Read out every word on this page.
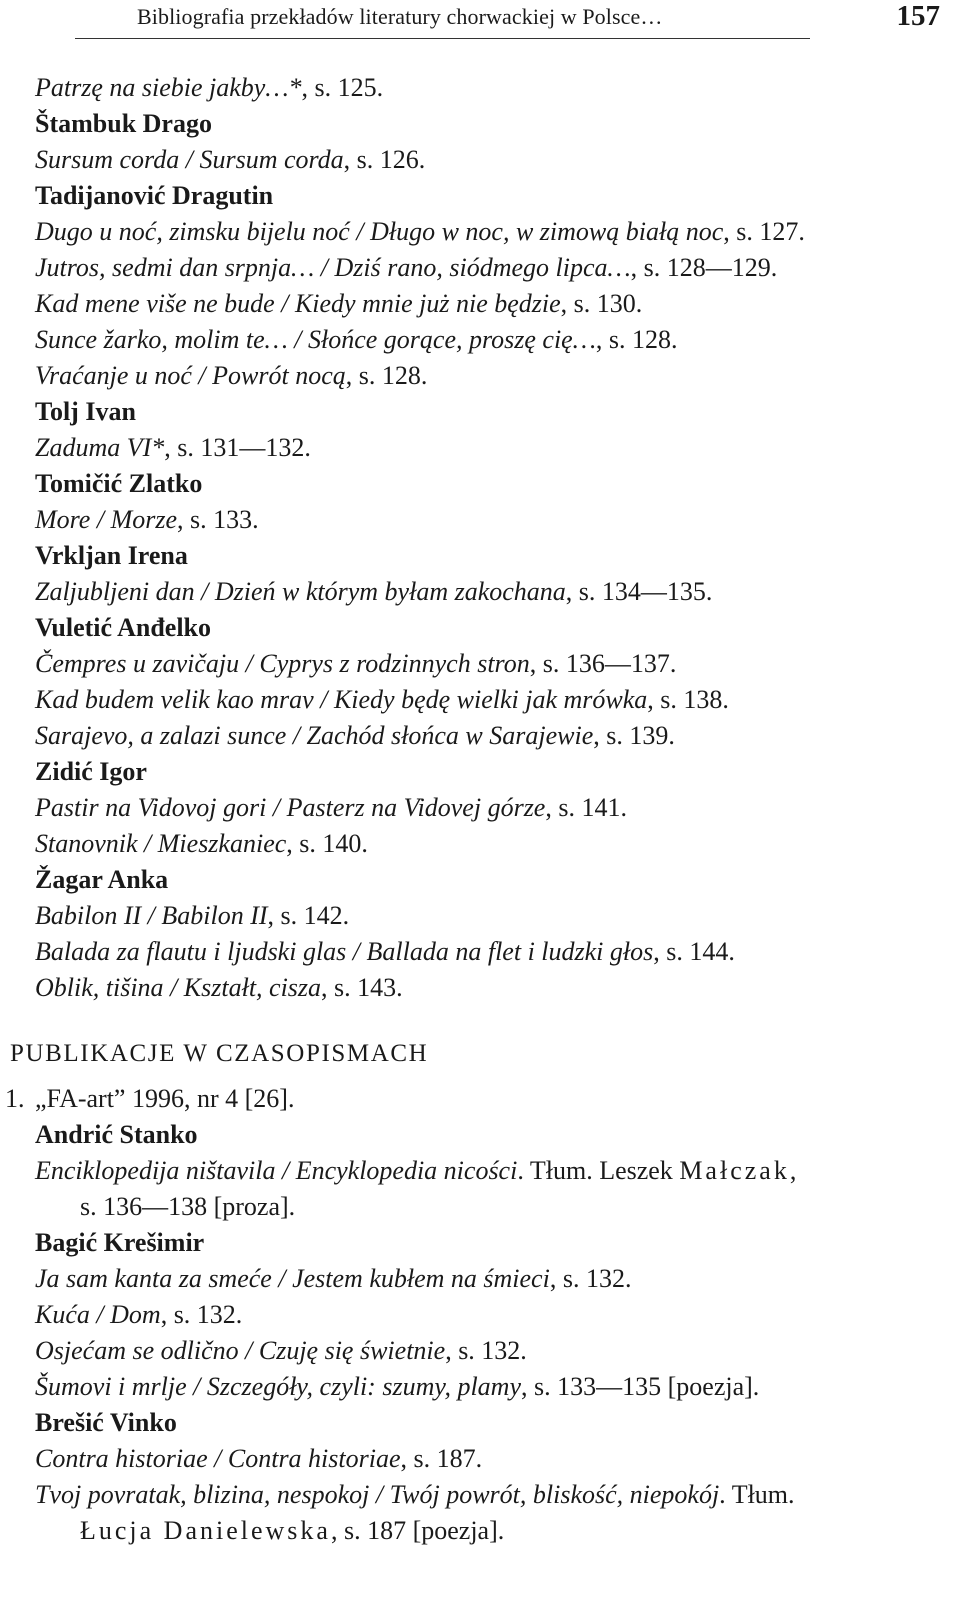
Bibliografia przekładów literatury chorwackiej w Polsce…	157
Patrzę na siebie jakby…*, s. 125.
Štambuk Drago
Sursum corda / Sursum corda, s. 126.
Tadijanović Dragutin
Dugo u noć, zimsku bijelu noć / Długo w noc, w zimową białą noc, s. 127.
Jutros, sedmi dan srpnja… / Dziś rano, siódmego lipca…, s. 128—129.
Kad mene više ne bude / Kiedy mnie już nie będzie, s. 130.
Sunce žarko, molim te… / Słońce gorące, proszę cię…, s. 128.
Vraćanje u noć / Powrót nocą, s. 128.
Tolj Ivan
Zaduma VI*, s. 131—132.
Tomičić Zlatko
More / Morze, s. 133.
Vrkljan Irena
Zaljubljeni dan / Dzień w którym byłam zakochana, s. 134—135.
Vuletić Anđelko
Čempres u zavičaju / Cyprys z rodzinnych stron, s. 136—137.
Kad budem velik kao mrav / Kiedy będę wielki jak mrówka, s. 138.
Sarajevo, a zalazi sunce / Zachód słońca w Sarajewie, s. 139.
Zidić Igor
Pastir na Vidovoj gori / Pasterz na Vidovej górze, s. 141.
Stanovnik / Mieszkaniec, s. 140.
Žagar Anka
Babilon II / Babilon II, s. 142.
Balada za flautu i ljudski glas / Ballada na flet i ludzki głos, s. 144.
Oblik, tišina / Kształt, cisza, s. 143.
PUBLIKACJE W CZASOPISMACH
1. „FA-art” 1996, nr 4 [26].
Andrić Stanko
Enciklopedija ništavila / Encyklopedia nicości. Tłum. Leszek Małczak,
s. 136—138 [proza].
Bagić Krešimir
Ja sam kanta za smeće / Jestem kubłem na śmieci, s. 132.
Kuća / Dom, s. 132.
Osjećam se odlično / Czuję się świetnie, s. 132.
Šumovi i mrlje / Szczegóły, czyli: szumy, plamy, s. 133—135 [poezja].
Brešić Vinko
Contra historiae / Contra historiae, s. 187.
Tvoj povratak, blizina, nespokoj / Twój powrót, bliskość, niepokój. Tłum.
Łucja Danielewska, s. 187 [poezja].
